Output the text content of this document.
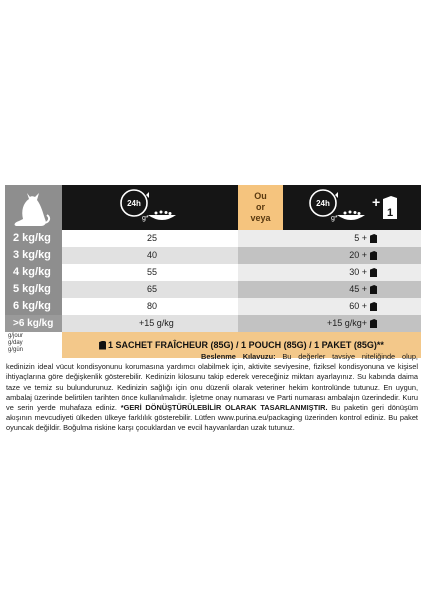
24h
g*
Ou
or
veya
24h
g*
+
1
2 kg/kg	25	5 +
3 kg/kg	40	20 +
4 kg/kg	55	30 +
5 kg/kg	65	45 +
6 kg/kg	80	60 +
>6 kg/kg	+15 g/kg	+15 g/kg+
g/jour
g/day
g/gün	1 SACHET FRAÎCHEUR (85G) / 1 POUCH (85G) / 1 PAKET (85G)**

Beslenme Kılavuzu: Bu değerler tavsiye niteliğinde olup, kedinizin ideal vücut kondisyonunu korumasına yardımcı olabilmek için, aktivite seviyesine, fiziksel kondisyonuna ve kişisel ihtiyaçlarına göre değişkenlik gösterebilir. Kedinizin kilosunu takip ederek vereceğiniz miktarı ayarlayınız. Su kabında daima taze ve temiz su bulundurunuz. Kedinizin sağlığı için onu düzenli olarak veteriner hekim kontrolünde tutunuz. En uygun, ambalaj üzerinde belirtilen tarihten önce kullanılmalıdır. İşletme onay numarası ve Parti numarası ambalajın üzerindedir. Kuru ve serin yerde muhafaza ediniz. *GERİ DÖNÜŞTÜRÜLEBİLİR OLARAK TASARLANMIŞTIR. Bu paketin geri dönüşüm akışının mevcudiyeti ülkeden ülkeye farklılık gösterebilir. Lütfen www.purina.eu/packaging üzerinden kontrol ediniz. Bu paket oyuncak değildir. Boğulma riskine karşı çocuklardan ve evcil hayvanlardan uzak tutunuz.
